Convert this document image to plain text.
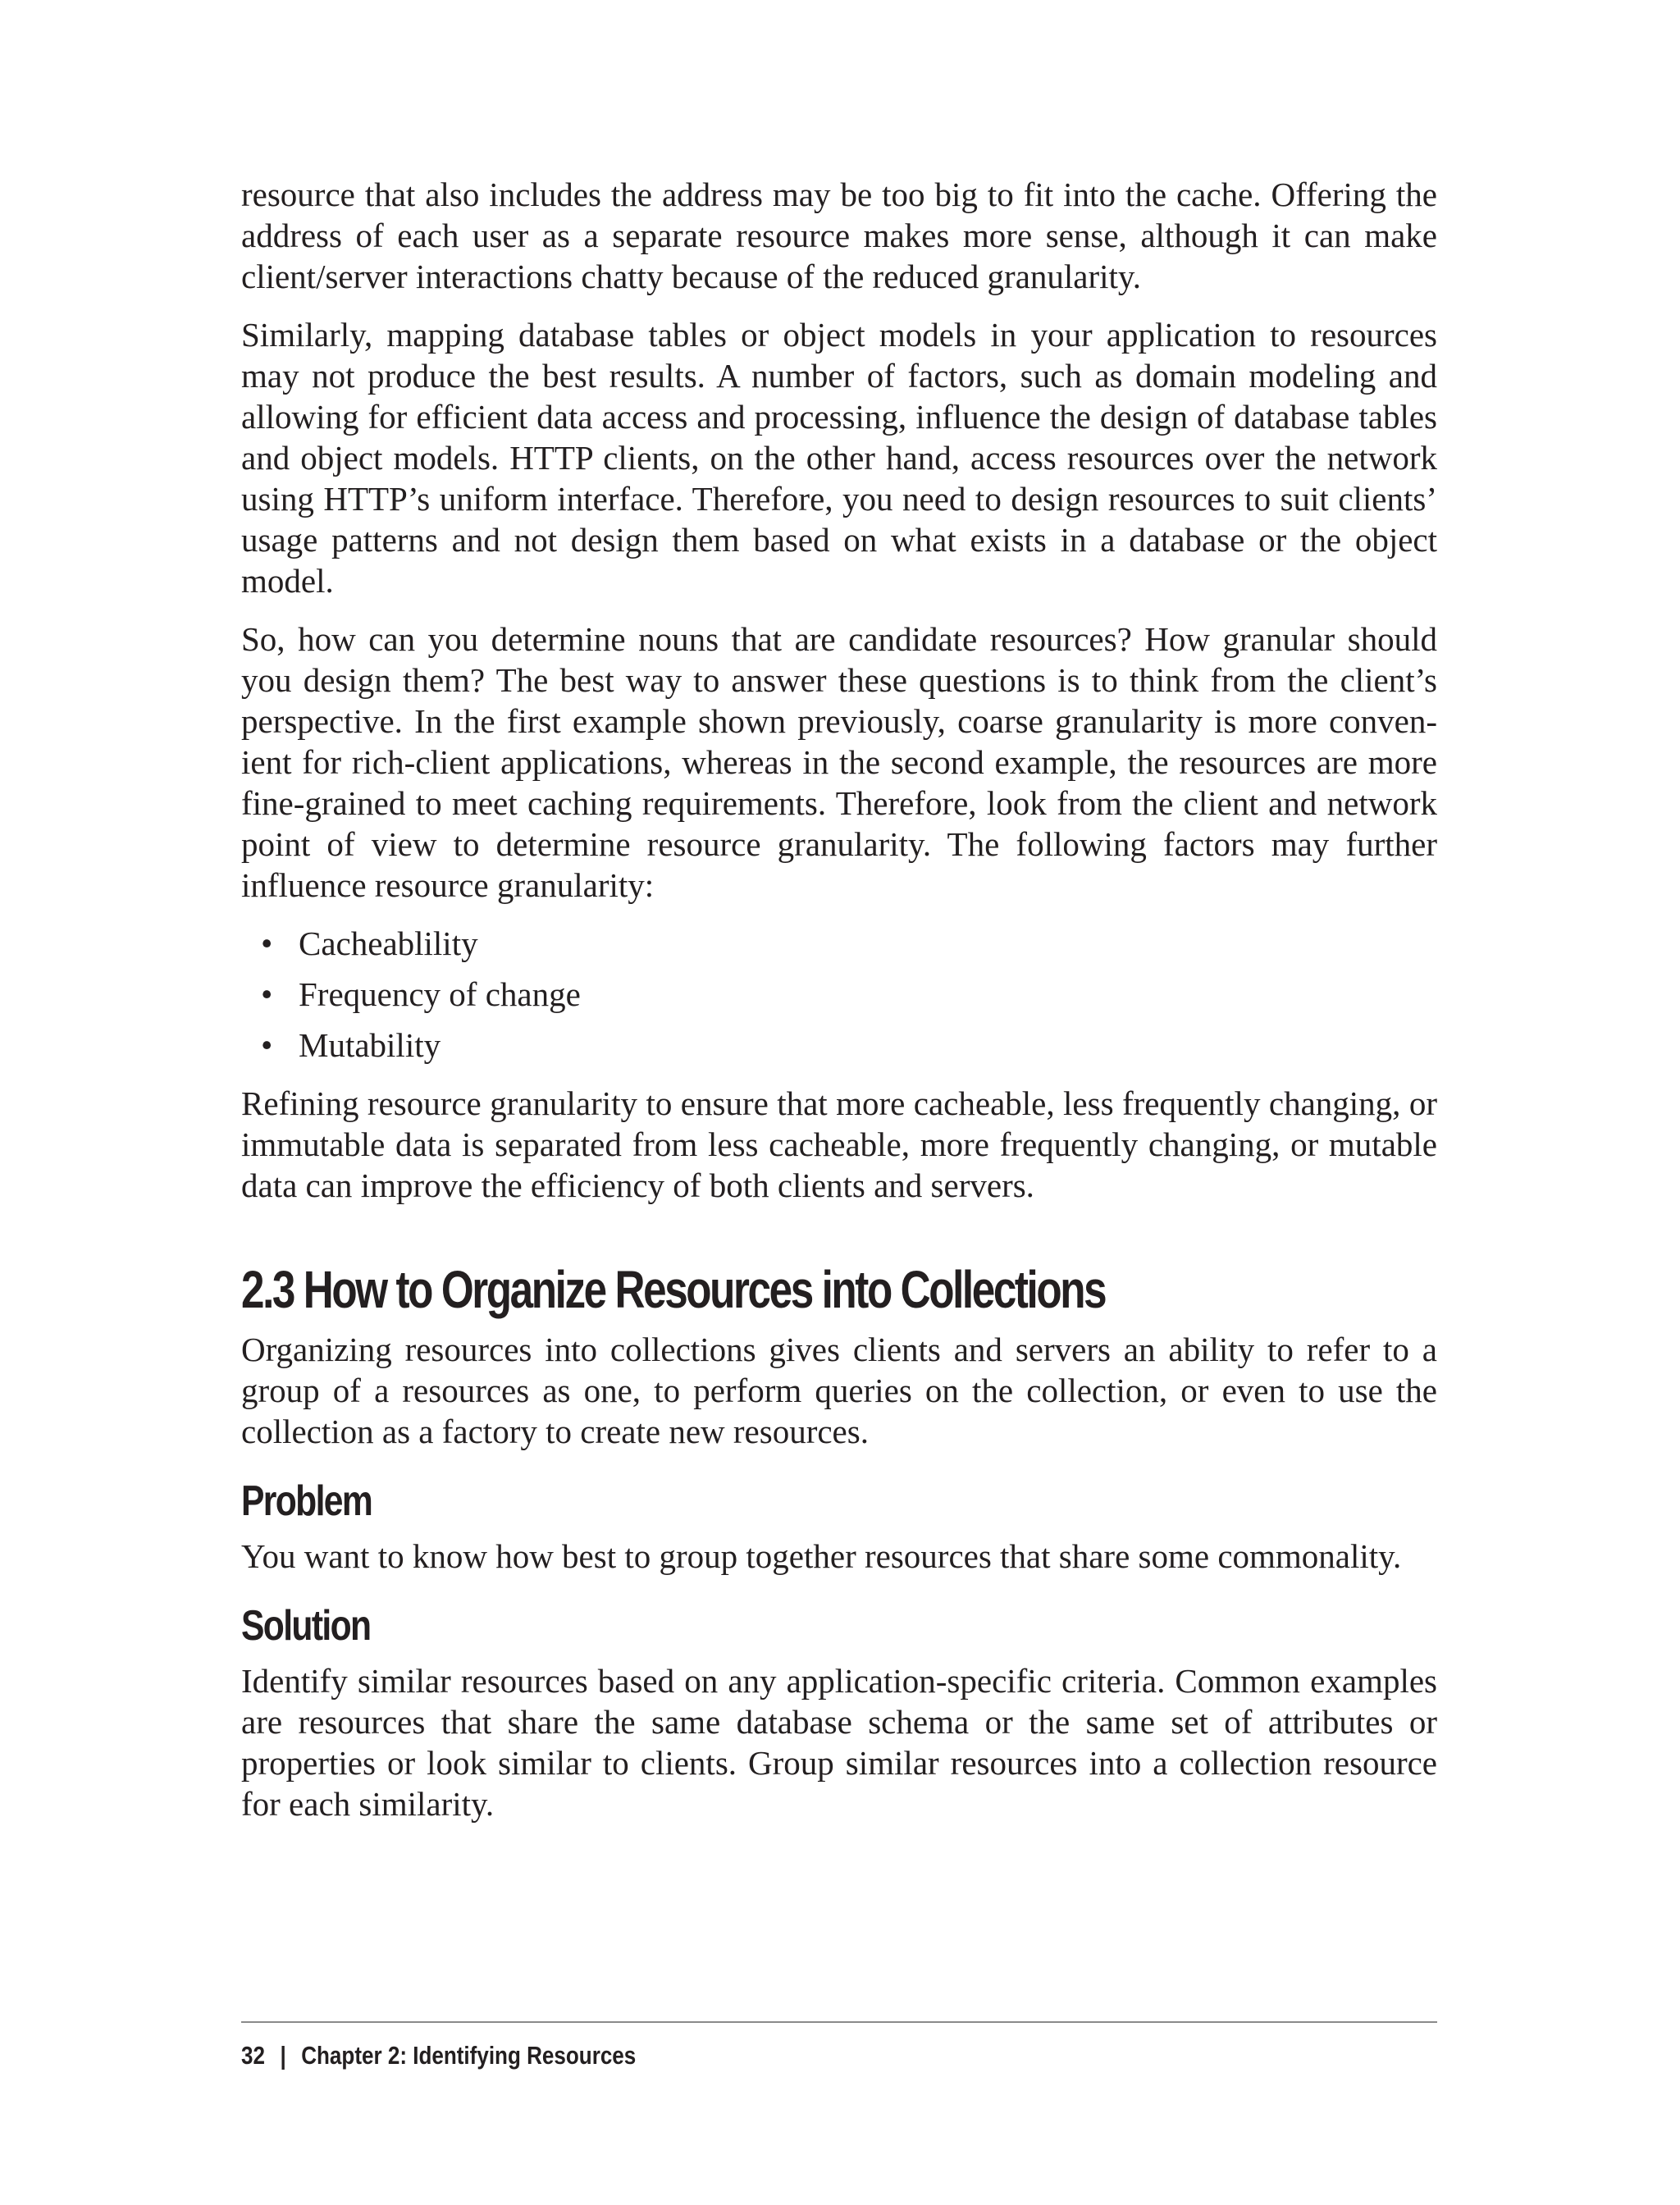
resource that also includes the address may be too big to fit into the cache. Offering the address of each user as a separate resource makes more sense, although it can make client/server interactions chatty because of the reduced granularity.

Similarly, mapping database tables or object models in your application to resources may not produce the best results. A number of factors, such as domain modeling and allowing for efficient data access and processing, influence the design of database tables and object models. HTTP clients, on the other hand, access resources over the network using HTTP’s uniform interface. Therefore, you need to design resources to suit clients’ usage patterns and not design them based on what exists in a database or the object model.

So, how can you determine nouns that are candidate resources? How granular should you design them? The best way to answer these questions is to think from the client’s perspective. In the first example shown previously, coarse granularity is more convenient for rich-client applications, whereas in the second example, the resources are more fine-grained to meet caching requirements. Therefore, look from the client and network point of view to determine resource granularity. The following factors may further influence resource granularity:

• Cacheablility
• Frequency of change
• Mutability

Refining resource granularity to ensure that more cacheable, less frequently changing, or immutable data is separated from less cacheable, more frequently changing, or mutable data can improve the efficiency of both clients and servers.

2.3 How to Organize Resources into Collections

Organizing resources into collections gives clients and servers an ability to refer to a group of a resources as one, to perform queries on the collection, or even to use the collection as a factory to create new resources.

Problem

You want to know how best to group together resources that share some commonality.

Solution

Identify similar resources based on any application-specific criteria. Common examples are resources that share the same database schema or the same set of attributes or properties or look similar to clients. Group similar resources into a collection resource for each similarity.

32 | Chapter 2: Identifying Resources
